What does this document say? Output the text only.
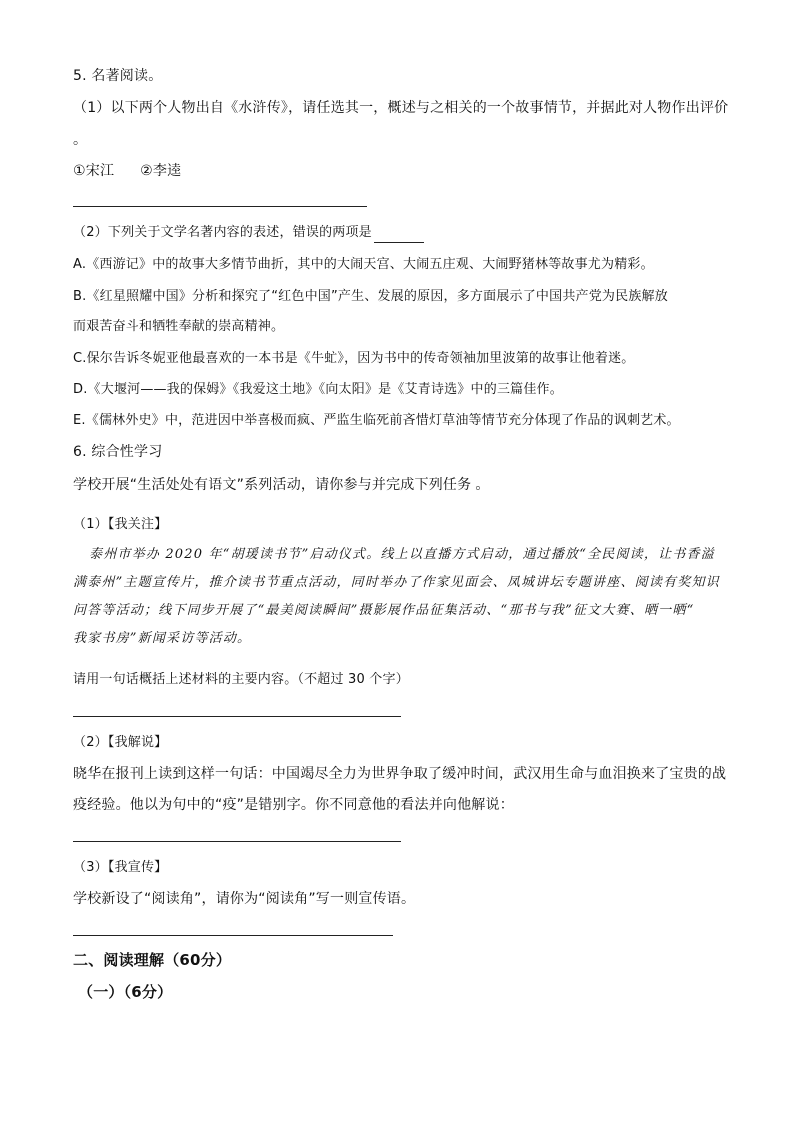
5. 名著阅读。
（1）以下两个人物出自《水浒传》，请任选其一，概述与之相关的一个故事情节，并据此对人物作出评价
。
①宋江 ②李逵
（2）下列关于文学名著内容的表述，错误的两项是
A.《西游记》中的故事大多情节曲折，其中的大闹天宫、大闹五庄观、大闹野猪林等故事尤为精彩。
B.《红星照耀中国》分析和探究了“红色中国”产生、发展的原因，多方面展示了中国共产党为民族解放
而艰苦奋斗和牺牲奉献的崇高精神。
C.保尔告诉冬妮亚他最喜欢的一本书是《牛虻》，因为书中的传奇领袖加里波第的故事让他着迷。
D.《大堰河——我的保姆》《我爱这土地》《向太阳》是《艾青诗选》中的三篇佳作。
E.《儒林外史》中，范进因中举喜极而疯、严监生临死前吝惜灯草油等情节充分体现了作品的讽刺艺术。
6. 综合性学习
学校开展“生活处处有语文”系列活动，请你参与并完成下列任务 。
（1）【我关注】

泰州市举办 2020 年“胡瑗读书节”启动仪式。线上以直播方式启动，通过播放“全民阅读，让书香溢

满泰州”主题宣传片，推介读书节重点活动，同时举办了作家见面会、凤城讲坛专题讲座、阅读有奖知识

问答等活动；线下同步开展了“最美阅读瞬间”摄影展作品征集活动、“那书与我”征文大赛、晒一晒“

我家书房”新闻采访等活动。

请用一句话概括上述材料的主要内容。（不超过 30 个字）
（2）【我解说】
晓华在报刊上读到这样一句话：中国竭尽全力为世界争取了缓冲时间，武汉用生命与血泪换来了宝贵的战
疫经验。他以为句中的“疫”是错别字。你不同意他的看法并向他解说：
（3）【我宣传】
学校新设了“阅读角”，请你为“阅读角”写一则宣传语。
二、阅读理解（60分）
（一）（6分）
